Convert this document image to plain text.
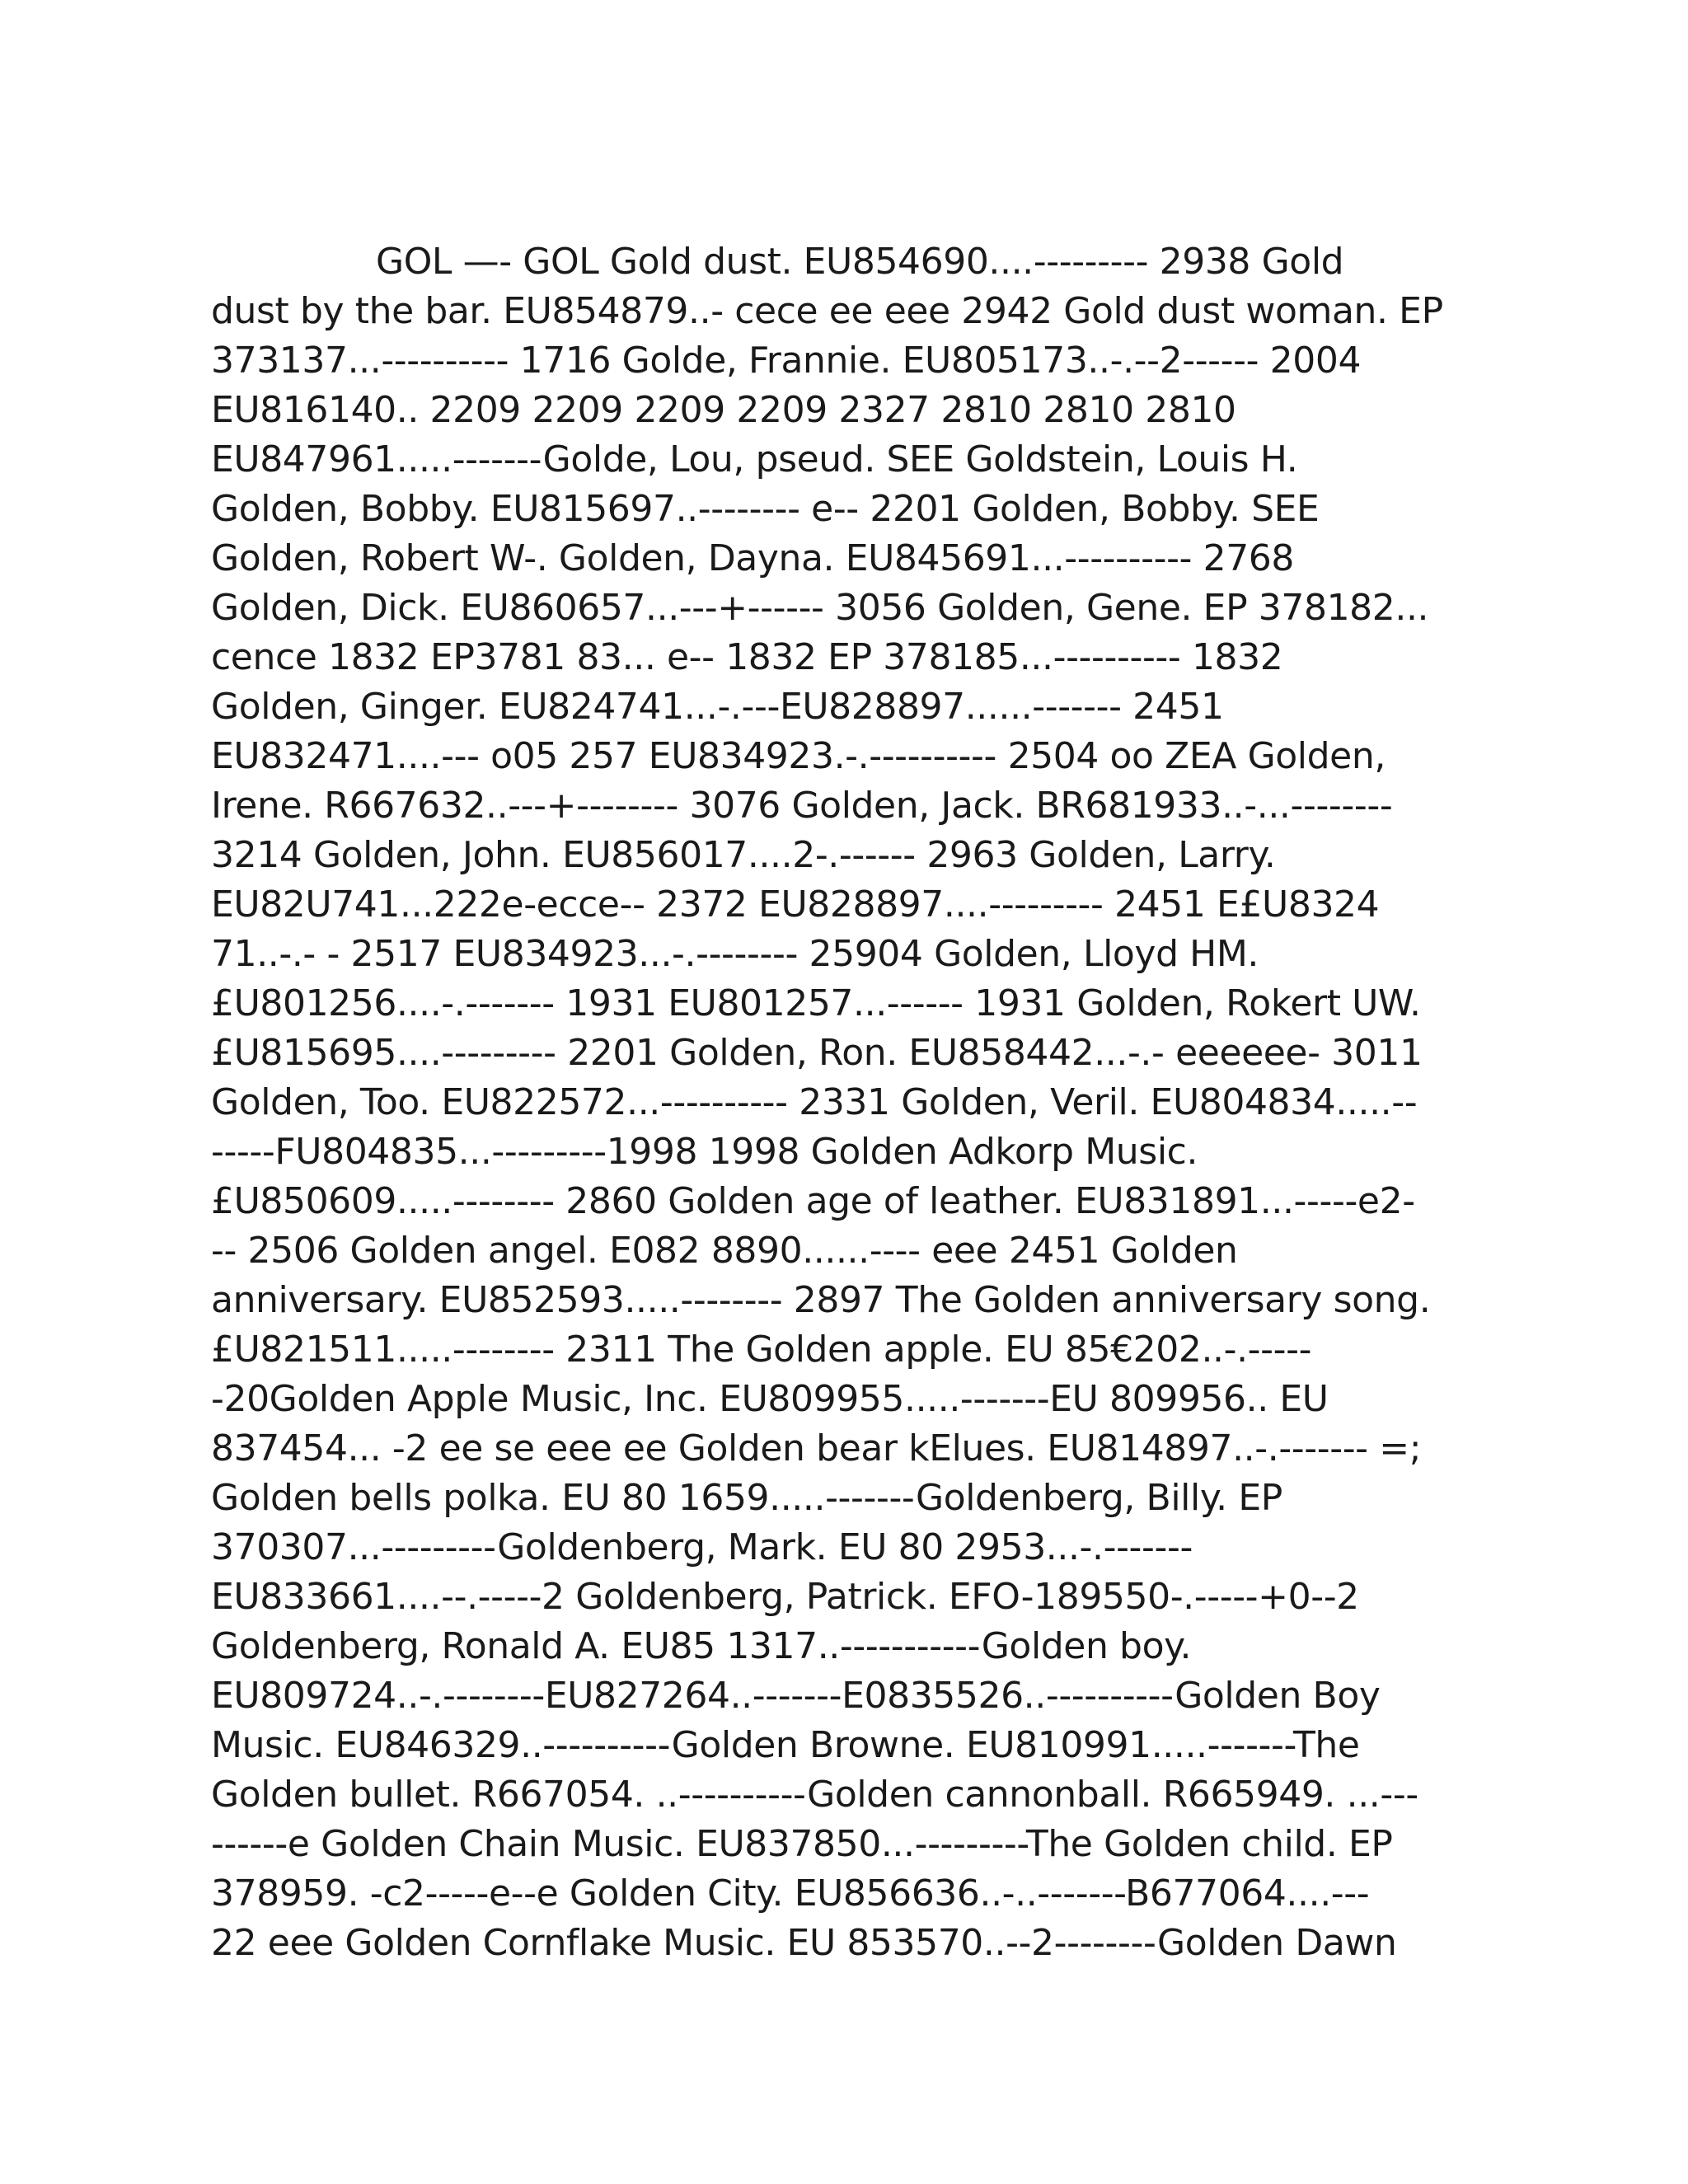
GOL —- GOL Gold dust. EU854690....--------- 2938 Gold
dust by the bar. EU854879..- cece ee eee 2942 Gold dust woman. EP
373137...---------- 1716 Golde, Frannie. EU805173..-.--2------ 2004
EU816140.. 2209 2209 2209 2209 2327 2810 2810 2810
EU847961.....-------Golde, Lou, pseud. SEE Goldstein, Louis H.
Golden, Bobby. EU815697..-------- e-- 2201 Golden, Bobby. SEE
Golden, Robert W-. Golden, Dayna. EU845691...---------- 2768
Golden, Dick. EU860657...---+------ 3056 Golden, Gene. EP 378182...
cence 1832 EP3781 83... e-- 1832 EP 378185...---------- 1832
Golden, Ginger. EU824741...-.---EU828897......------- 2451
EU832471....--- o05 257 EU834923.-.---------- 2504 oo ZEA Golden,
Irene. R667632..---+-------- 3076 Golden, Jack. BR681933..-...--------
3214 Golden, John. EU856017....2-.------ 2963 Golden, Larry.
EU82U741...222e-ecce-- 2372 EU828897....--------- 2451 E£U8324
71..-.- - 2517 EU834923...-.-------- 25904 Golden, Lloyd HM.
£U801256....-.------- 1931 EU801257...------ 1931 Golden, Rokert UW.
£U815695....--------- 2201 Golden, Ron. EU858442...-.- eeeeee- 3011
Golden, Too. EU822572...---------- 2331 Golden, Veril. EU804834.....--
-----FU804835...---------1998 1998 Golden Adkorp Music.
£U850609.....-------- 2860 Golden age of leather. EU831891...-----e2-
-- 2506 Golden angel. E082 8890......---- eee 2451 Golden
anniversary. EU852593.....-------- 2897 The Golden anniversary song.
£U821511.....-------- 2311 The Golden apple. EU 85€202..-.-----
-20Golden Apple Music, Inc. EU809955.....-------EU 809956.. EU
837454... -2 ee se eee ee Golden bear kElues. EU814897..-.------- =;
Golden bells polka. EU 80 1659.....-------Goldenberg, Billy. EP
370307...---------Goldenberg, Mark. EU 80 2953...-.-------
EU833661....--.-----2 Goldenberg, Patrick. EFO-189550-.-----+0--2
Goldenberg, Ronald A. EU85 1317..-----------Golden boy.
EU809724..-.--------EU827264..-------E0835526..----------Golden Boy
Music. EU846329..----------Golden Browne. EU810991.....-------The
Golden bullet. R667054. ..----------Golden cannonball. R665949. ...---
------e Golden Chain Music. EU837850...---------The Golden child. EP
378959. -c2-----e--e Golden City. EU856636..-..-------B677064....---
22 eee Golden Cornflake Music. EU 853570..--2--------Golden Dawn
